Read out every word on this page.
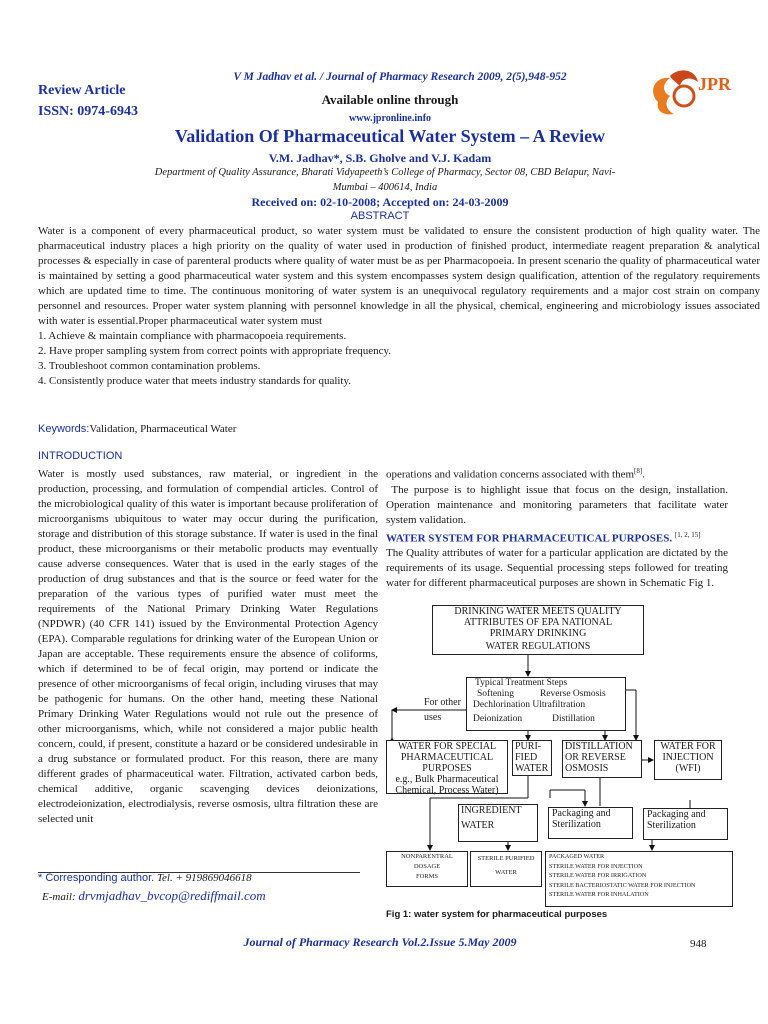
Review Article
ISSN: 0974-6943
V M Jadhav et al. / Journal of Pharmacy Research 2009, 2(5),948-952
Available online through
www.jpronline.info
JPR
Validation Of Pharmaceutical Water System – A Review
V.M. Jadhav*, S.B. Gholve and V.J. Kadam
Department of Quality Assurance, Bharati Vidyapeeth’s College of Pharmacy, Sector 08, CBD Belapur, Navi-
Mumbai – 400614, India
Received on: 02-10-2008; Accepted on: 24-03-2009
ABSTRACT

Water is a component of every pharmaceutical product, so water system must be validated to ensure the consistent production of high quality water. The pharmaceutical industry places a high priority on the quality of water used in production of finished product, intermediate reagent preparation & analytical processes & especially in case of parenteral products where quality of water must be as per Pharmacopoeia. In present scenario the quality of pharmaceutical water is maintained by setting a good pharmaceutical water system and this system encompasses system design qualification, attention of the regulatory requirements which are updated time to time. The continuous monitoring of water system is an unequivocal regulatory requirements and a major cost strain on company personnel and resources. Proper water system planning with personnel knowledge in all the physical, chemical, engineering and microbiology issues associated with water is essential.Proper pharmaceutical water system must

1. Achieve & maintain compliance with pharmacopoeia requirements.

2. Have proper sampling system from correct points with appropriate frequency.

3. Troubleshoot common contamination problems.

4. Consistently produce water that meets industry standards for quality.

Keywords:Validation, Pharmaceutical Water
INTRODUCTION
Water is mostly used substances, raw material, or ingredient in the production, processing, and formulation of compendial articles. Control of the microbiological quality of this water is important because proliferation of microorganisms ubiquitous to water may occur during the purification, storage and distribution of this storage substance. If water is used in the final product, these microorganisms or their metabolic products may eventually cause adverse consequences. Water that is used in the early stages of the production of drug substances and that is the source or feed water for the preparation of the various types of purified water must meet the requirements of the National Primary Drinking Water Regulations (NPDWR) (40 CFR 141) issued by the Environmental Protection Agency (EPA). Comparable regulations for drinking water of the European Union or Japan are acceptable. These requirements ensure the absence of coliforms, which if determined to be of fecal origin, may portend or indicate the presence of other microorganisms of fecal origin, including viruses that may be pathogenic for humans. On the other hand, meeting these National Primary Drinking Water Regulations would not rule out the presence of other microorganisms, which, while not considered a major public health concern, could, if present, constitute a hazard or be considered undesirable in a drug substance or formulated product. For this reason, there are many different grades of pharmaceutical water. Filtration, activated carbon beds, chemical additive, organic scavenging devices deionizations, electrodeionization, electrodialysis, reverse osmosis, ultra filtration these are selected unit

operations and validation concerns associated with them[8].

The purpose is to highlight issue that focus on the design, installation. Operation maintenance and monitoring parameters that facilitate water system validation.

WATER SYSTEM FOR PHARMACEUTICAL PURPOSES. [1, 2, 15]

The Quality attributes of water for a particular application are dictated by the requirements of its usage. Sequential processing steps followed for treating water for different pharmaceutical purposes are shown in Schematic Fig 1.

DRINKING WATER MEETS QUALITY
ATTRIBUTES OF EPA NATIONAL
PRIMARY DRINKING
WATER REGULATIONS
Typical Treatment Steps
Softening	Reverse Osmosis
Dechlorination Ultrafiltration
Deionization	Distillation
For other
uses
WATER FOR SPECIAL
PHARMACEUTICAL
PURPOSES
e.g., Bulk Pharmaceutical
Chemical, Process Water)
PURI-
FIED
WATER
DISTILLATION
OR REVERSE
OSMOSIS
WATER FOR
INJECTION
(WFI)
INGREDIENT
WATER
Packaging and
Sterilization
Packaging and
Sterilization
NONPARENTRAL
DOSAGE
FORMS
STERILE PURIFIED
WATER
PACKAGED WATER
STERILE WATER FOR INJECTION
STERILE WATER FOR IRRIGATION
STERILE BACTERIOSTATIC WATER FOR INJECTION
STERILE WATER FOR INHALATION
Fig 1: water system for pharmaceutical purposes
* Corresponding author. Tel. + 919869046618
E-mail: drvmjadhav_bvcop@rediffmail.com
Journal of Pharmacy Research Vol.2.Issue 5.May 2009	948
